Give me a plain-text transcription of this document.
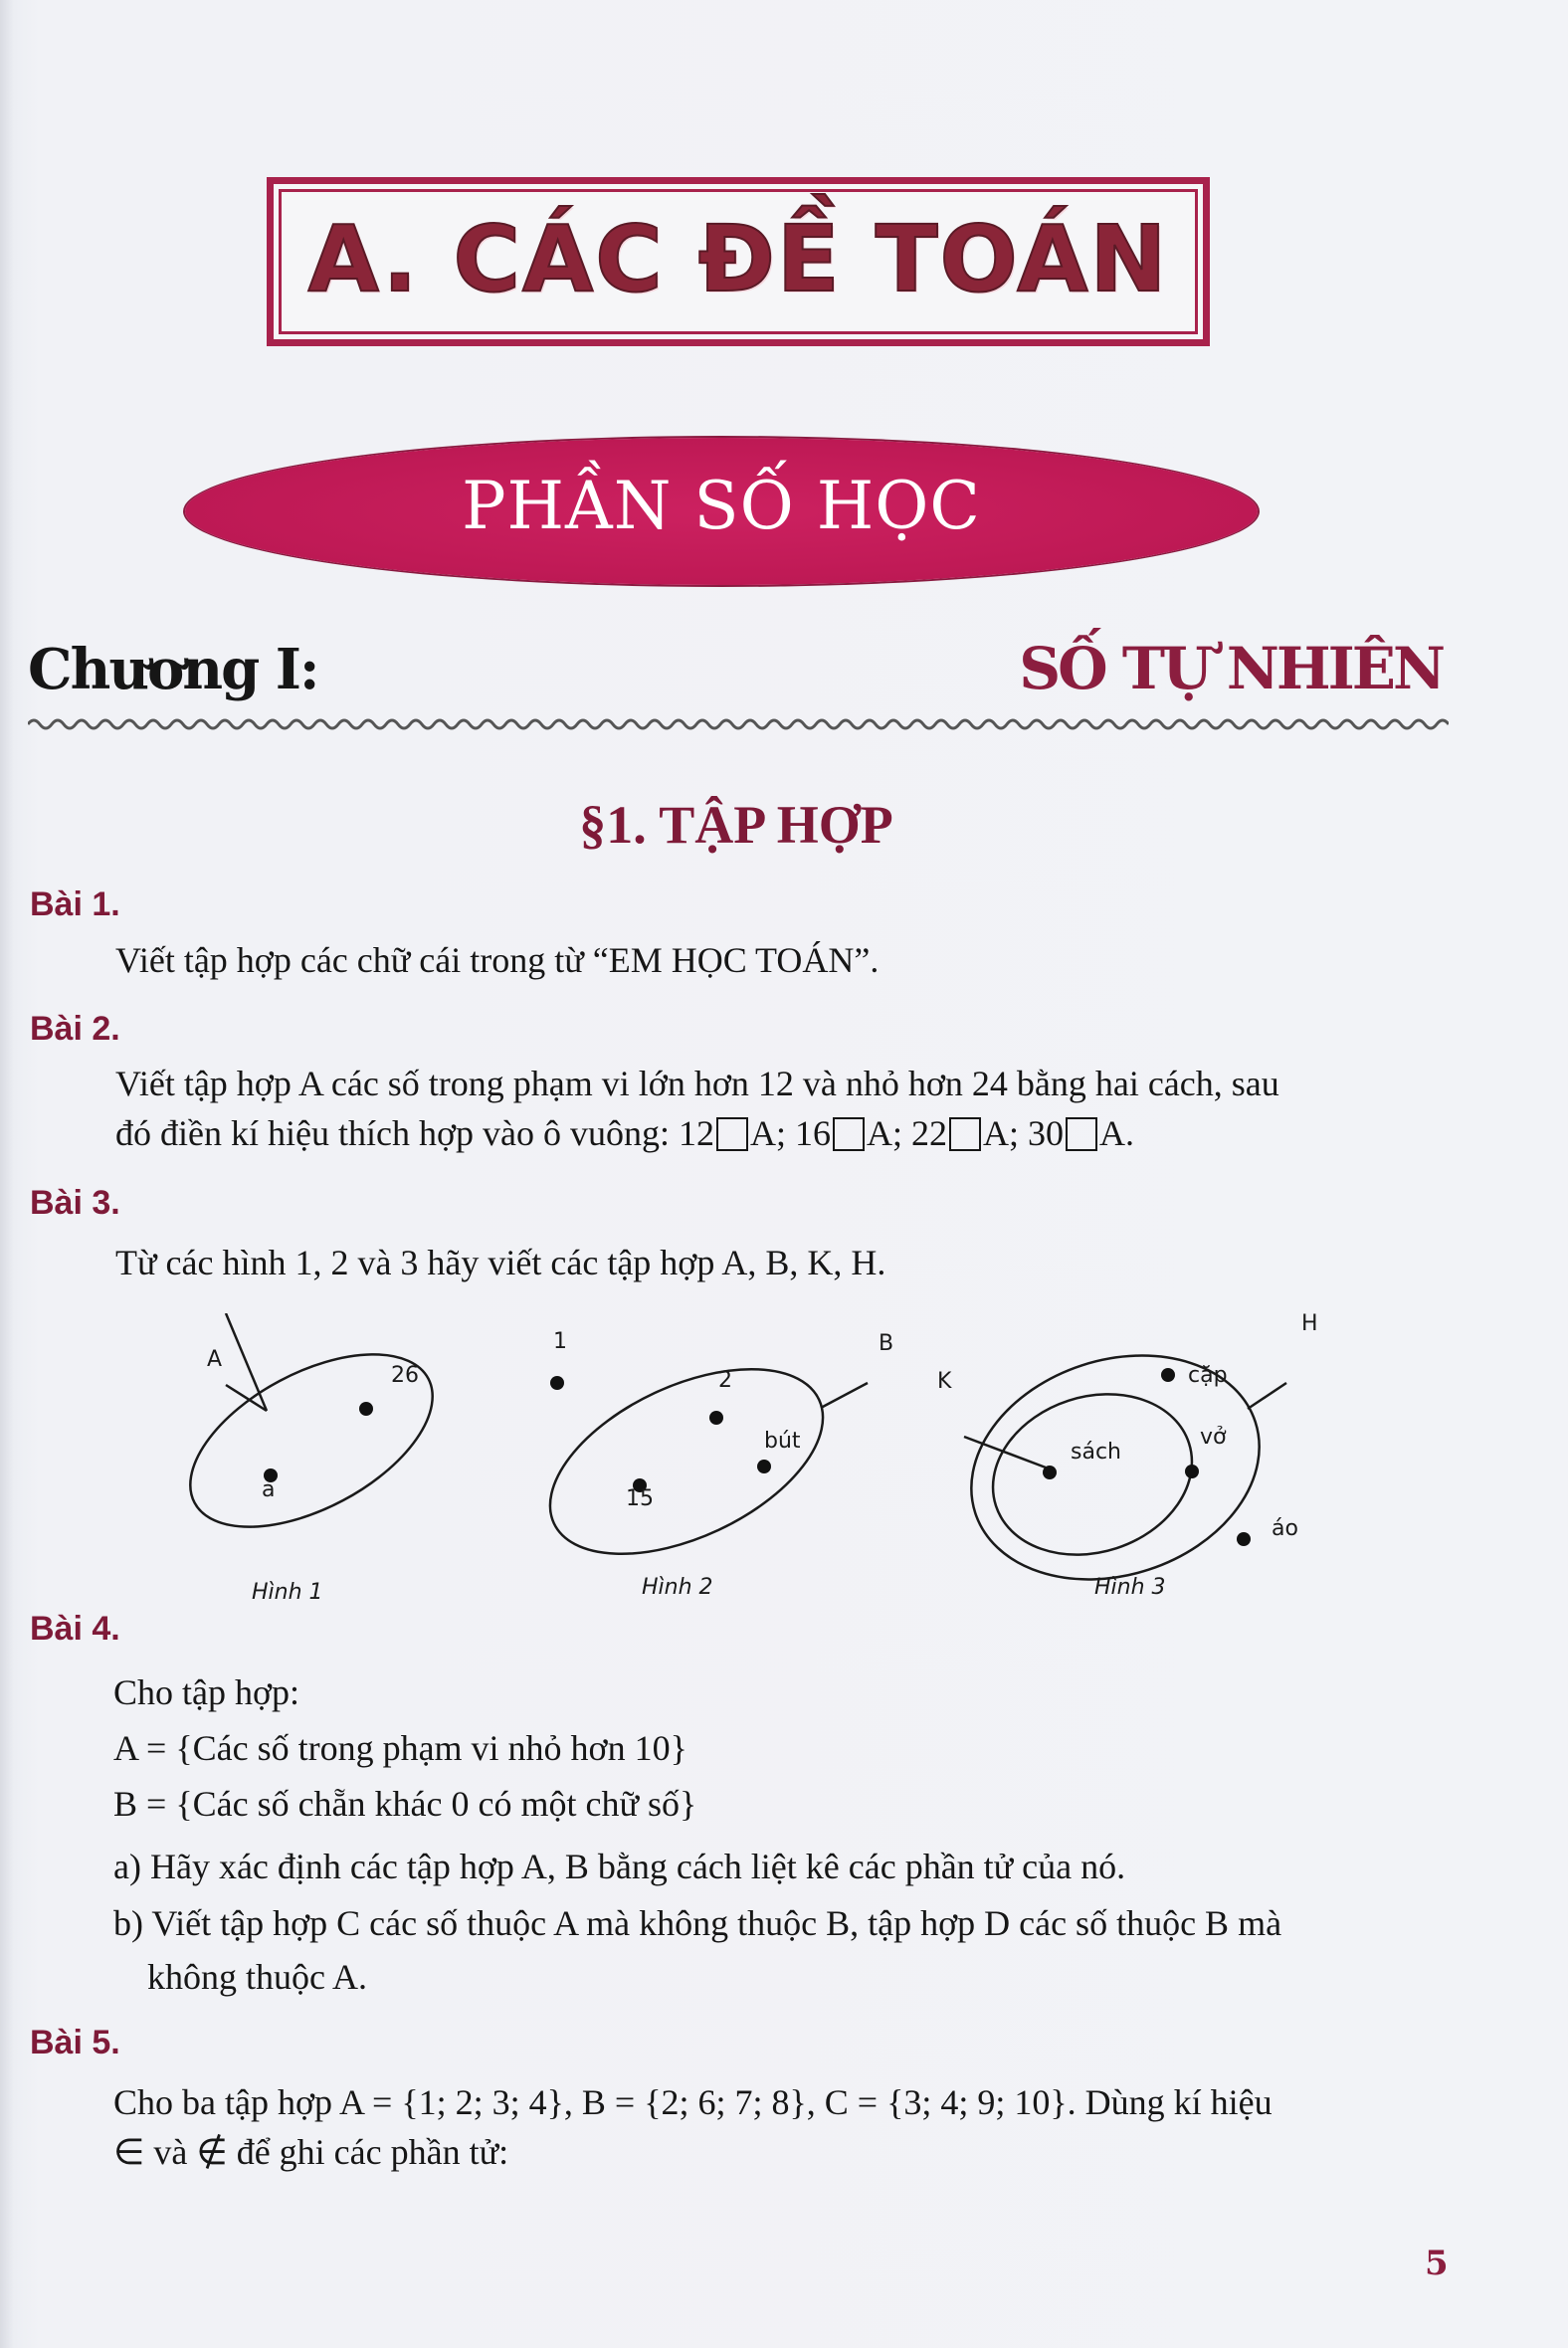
A. CÁC ĐỀ TOÁN
PHẦN SỐ HỌC
Chương I:	SỐ TỰ NHIÊN
§1. TẬP HỢP
Bài 1.
Viết tập hợp các chữ cái trong từ “EM HỌC TOÁN”.
Bài 2.
Viết tập hợp A các số trong phạm vi lớn hơn 12 và nhỏ hơn 24 bằng hai cách, sau
đó điền kí hiệu thích hợp vào ô vuông: 12 A; 16 A; 22 A; 30 A.
Bài 3.
Từ các hình 1, 2 và 3 hãy viết các tập hợp A, B, K, H.
A
26
a
Hình 1
1	B
2
bút
15
Hình 2
K
H
sách
cặp
vở
áo
Hình 3
Bài 4.
Cho tập hợp:
A = {Các số trong phạm vi nhỏ hơn 10}
B = {Các số chẵn khác 0 có một chữ số}
a) Hãy xác định các tập hợp A, B bằng cách liệt kê các phần tử của nó.
b) Viết tập hợp C các số thuộc A mà không thuộc B, tập hợp D các số thuộc B mà
không thuộc A.
Bài 5.
Cho ba tập hợp A = {1; 2; 3; 4}, B = {2; 6; 7; 8}, C = {3; 4; 9; 10}. Dùng kí hiệu
∈ và ∉ để ghi các phần tử:
5
